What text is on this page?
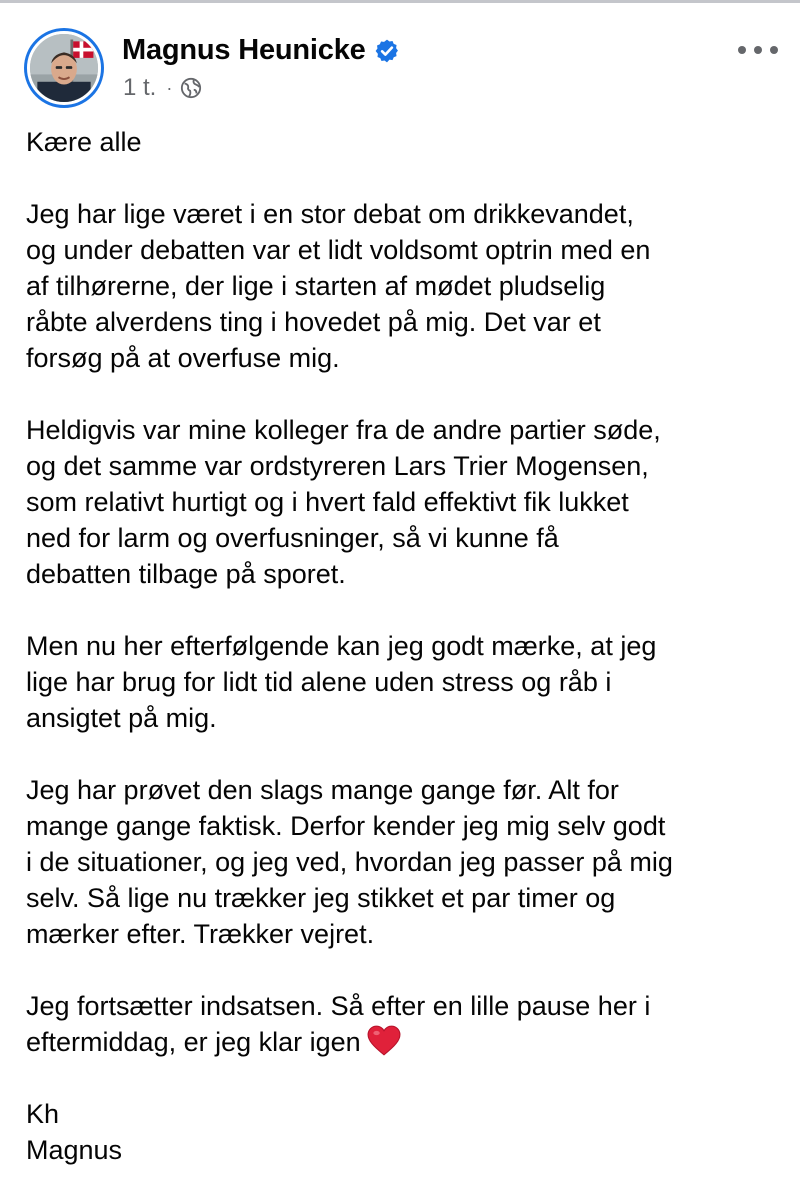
Magnus Heunicke
1 t. ·

Kære alle

Jeg har lige været i en stor debat om drikkevandet,
og under debatten var et lidt voldsomt optrin med en
af tilhørerne, der lige i starten af mødet pludselig
råbte alverdens ting i hovedet på mig. Det var et
forsøg på at overfuse mig.

Heldigvis var mine kolleger fra de andre partier søde,
og det samme var ordstyreren Lars Trier Mogensen,
som relativt hurtigt og i hvert fald effektivt fik lukket
ned for larm og overfusninger, så vi kunne få
debatten tilbage på sporet.

Men nu her efterfølgende kan jeg godt mærke, at jeg
lige har brug for lidt tid alene uden stress og råb i
ansigtet på mig.

Jeg har prøvet den slags mange gange før. Alt for
mange gange faktisk. Derfor kender jeg mig selv godt
i de situationer, og jeg ved, hvordan jeg passer på mig
selv. Så lige nu trækker jeg stikket et par timer og
mærker efter. Trækker vejret.

Jeg fortsætter indsatsen. Så efter en lille pause her i
eftermiddag, er jeg klar igen

Kh
Magnus
